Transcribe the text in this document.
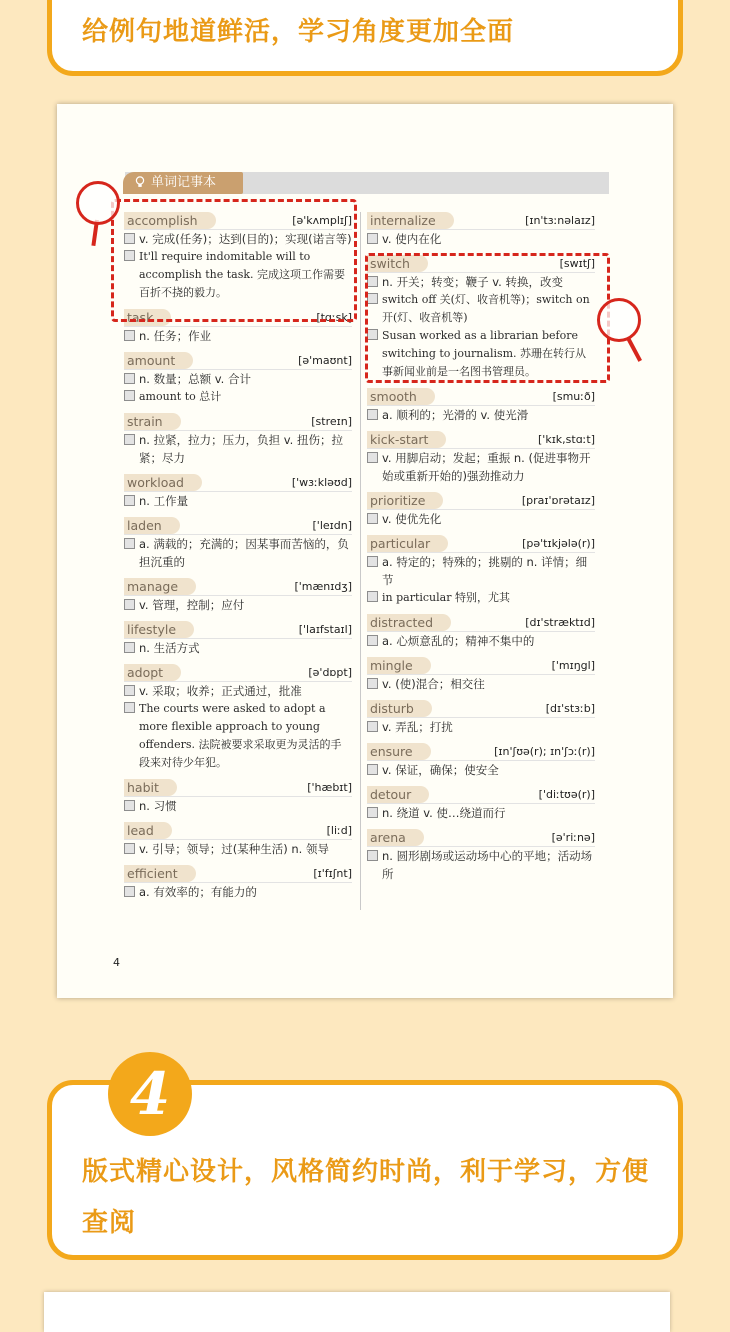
给例句地道鲜活，学习角度更加全面
单词记事本
accomplish	[ə'kʌmplɪʃ]
v. 完成(任务)；达到(目的)；实现(诺言等)
It'll require indomitable will to accomplish the task. 完成这项工作需要百折不挠的毅力。
task	[tɑːsk]
n. 任务；作业
amount	[ə'maʊnt]
n. 数量；总额 v. 合计
amount to 总计
strain	[streɪn]
n. 拉紧，拉力；压力，负担 v. 扭伤；拉紧；尽力
workload	['wɜːkləʊd]
n. 工作量
laden	['leɪdn]
a. 满载的；充满的；因某事而苦恼的，负担沉重的
manage	['mænɪdʒ]
v. 管理，控制；应付
lifestyle	['laɪfstaɪl]
n. 生活方式
adopt	[ə'dɒpt]
v. 采取；收养；正式通过，批准
The courts were asked to adopt a more flexible approach to young offenders. 法院被要求采取更为灵活的手段来对待少年犯。
habit	['hæbɪt]
n. 习惯
lead	[liːd]
v. 引导；领导；过(某种生活) n. 领导
efficient	[ɪ'fɪʃnt]
a. 有效率的；有能力的
internalize	[ɪn'tɜːnəlaɪz]
v. 使内在化
switch	[swɪtʃ]
n. 开关；转变；鞭子 v. 转换，改变
switch off 关(灯、收音机等)；switch on 开(灯、收音机等)
Susan worked as a librarian before switching to journalism. 苏珊在转行从事新闻业前是一名图书管理员。
smooth	[smuːð]
a. 顺利的；光滑的 v. 使光滑
kick-start	['kɪk,stɑːt]
v. 用脚启动；发起；重振 n. (促进事物开始或重新开始的)强劲推动力
prioritize	[praɪ'ɒrətaɪz]
v. 使优先化
particular	[pə'tɪkjələ(r)]
a. 特定的；特殊的；挑剔的 n. 详情；细节
in particular 特别，尤其
distracted	[dɪ'stræktɪd]
a. 心烦意乱的；精神不集中的
mingle	['mɪŋgl]
v. (使)混合；相交往
disturb	[dɪ'stɜːb]
v. 弄乱；打扰
ensure	[ɪn'ʃʊə(r); ɪn'ʃɔː(r)]
v. 保证，确保；使安全
detour	['diːtʊə(r)]
n. 绕道 v. 使…绕道而行
arena	[ə'riːnə]
n. 圆形剧场或运动场中心的平地；活动场所
4
版式精心设计，风格简约时尚，利于学习，方便查阅
4
